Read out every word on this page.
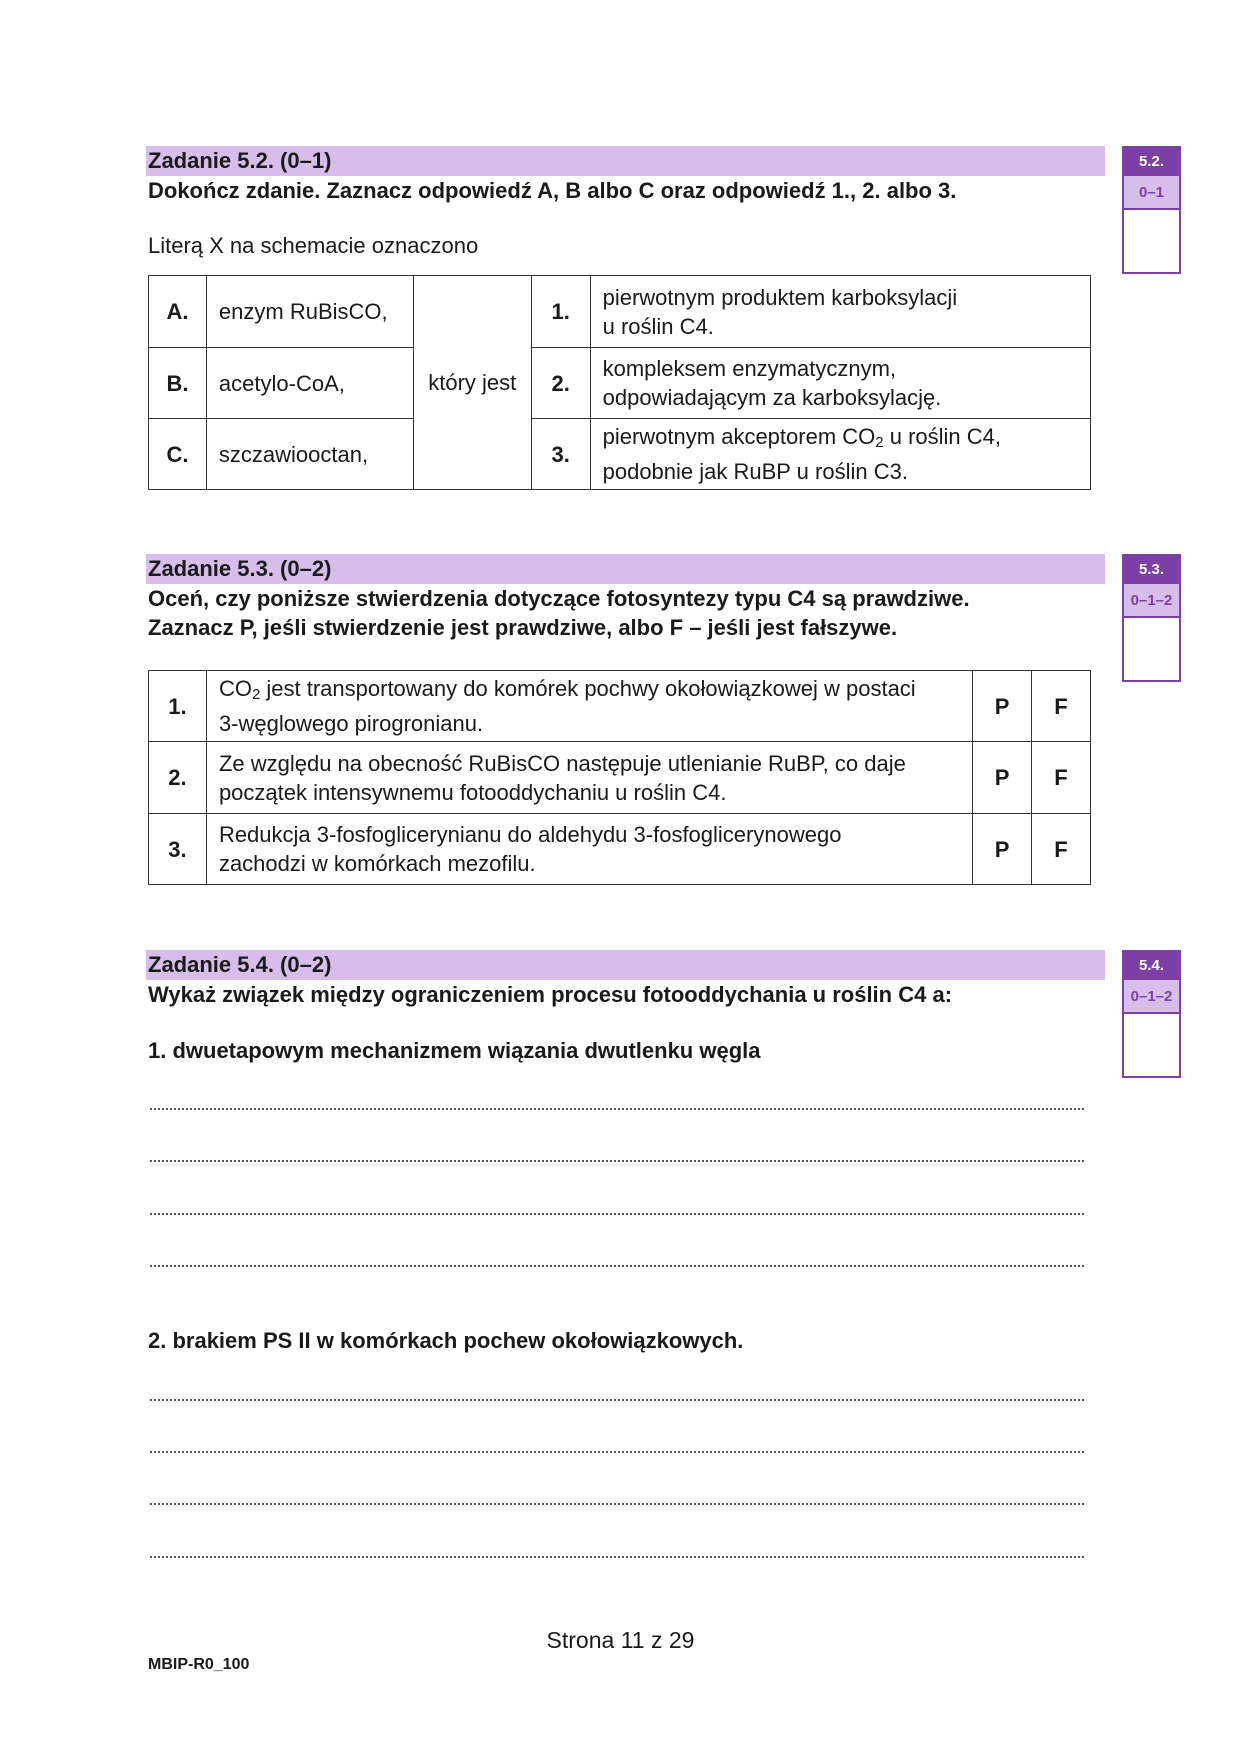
Zadanie 5.2. (0–1)
Dokończ zdanie. Zaznacz odpowiedź A, B albo C oraz odpowiedź 1., 2. albo 3.
Literą X na schemacie oznaczono
A.	enzym RuBisCO,	który jest	1.	pierwotnym produktem karboksylacji
u roślin C4.

B.	acetylo-CoA,		2.	kompleksem enzymatycznym,
odpowiadającym za karboksylację.

C.	szczawiooctan,		3.	pierwotnym akceptorem $CO_2$ u roślin C4,
podobnie jak RuBP u roślin C3.
5.2.
0–1
Zadanie 5.3. (0–2)
Oceń, czy poniższe stwierdzenia dotyczące fotosyntezy typu C4 są prawdziwe.
Zaznacz P, jeśli stwierdzenie jest prawdziwe, albo F – jeśli jest fałszywe.
1.	$CO_2$ jest transportowany do komórek pochwy okołowiązkowej w postaci
3-węglowego pirogronianu.	P	F
2.	Ze względu na obecność RuBisCO następuje utlenianie RuBP, co daje
początek intensywnemu fotooddychaniu u roślin C4.	P	F
3.	Redukcja 3-fosfoglicerynianu do aldehydu 3-fosfoglicerynowego
zachodzi w komórkach mezofilu.	P	F
5.3.
0–1–2
Zadanie 5.4. (0–2)
Wykaż związek między ograniczeniem procesu fotooddychania u roślin C4 a:
1. dwuetapowym mechanizmem wiązania dwutlenku węgla
2. brakiem PS II w komórkach pochew okołowiązkowych.
5.4.
0–1–2
Strona 11 z 29
MBIP-R0_100
